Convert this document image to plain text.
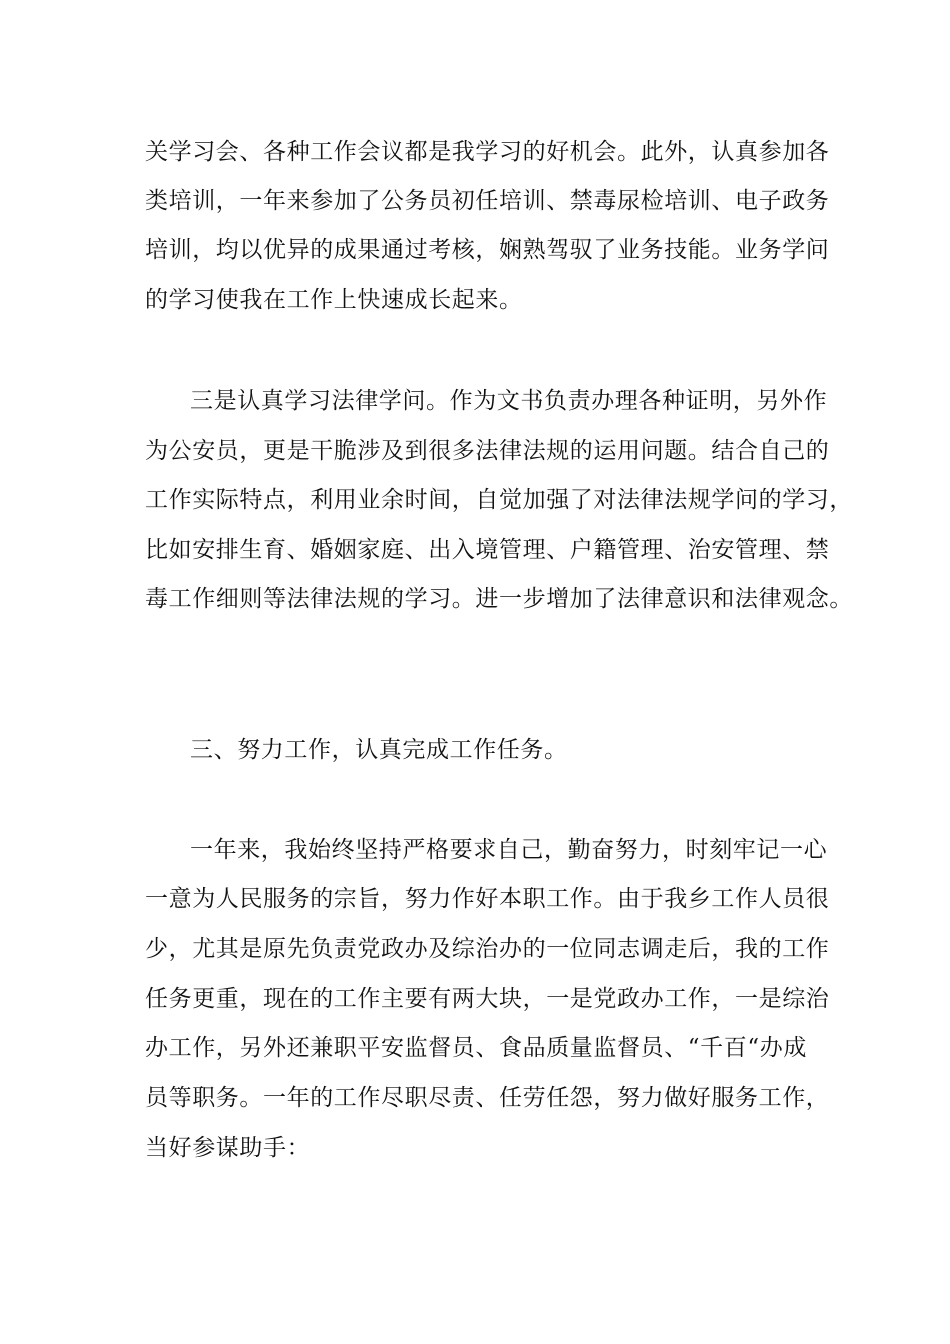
关学习会、各种工作会议都是我学习的好机会。此外，认真参加各
类培训，一年来参加了公务员初任培训、禁毒尿检培训、电子政务
培训，均以优异的成果通过考核，娴熟驾驭了业务技能。业务学问
的学习使我在工作上快速成长起来。
三是认真学习法律学问。作为文书负责办理各种证明，另外作
为公安员，更是干脆涉及到很多法律法规的运用问题。结合自己的
工作实际特点，利用业余时间，自觉加强了对法律法规学问的学习，
比如安排生育、婚姻家庭、出入境管理、户籍管理、治安管理、禁
毒工作细则等法律法规的学习。进一步增加了法律意识和法律观念。
三、努力工作，认真完成工作任务。
一年来，我始终坚持严格要求自己，勤奋努力，时刻牢记一心
一意为人民服务的宗旨，努力作好本职工作。由于我乡工作人员很
少，尤其是原先负责党政办及综治办的一位同志调走后，我的工作
任务更重，现在的工作主要有两大块，一是党政办工作，一是综治
办工作，另外还兼职平安监督员、食品质量监督员、“千百“办成
员等职务。一年的工作尽职尽责、任劳任怨，努力做好服务工作，
当好参谋助手：
